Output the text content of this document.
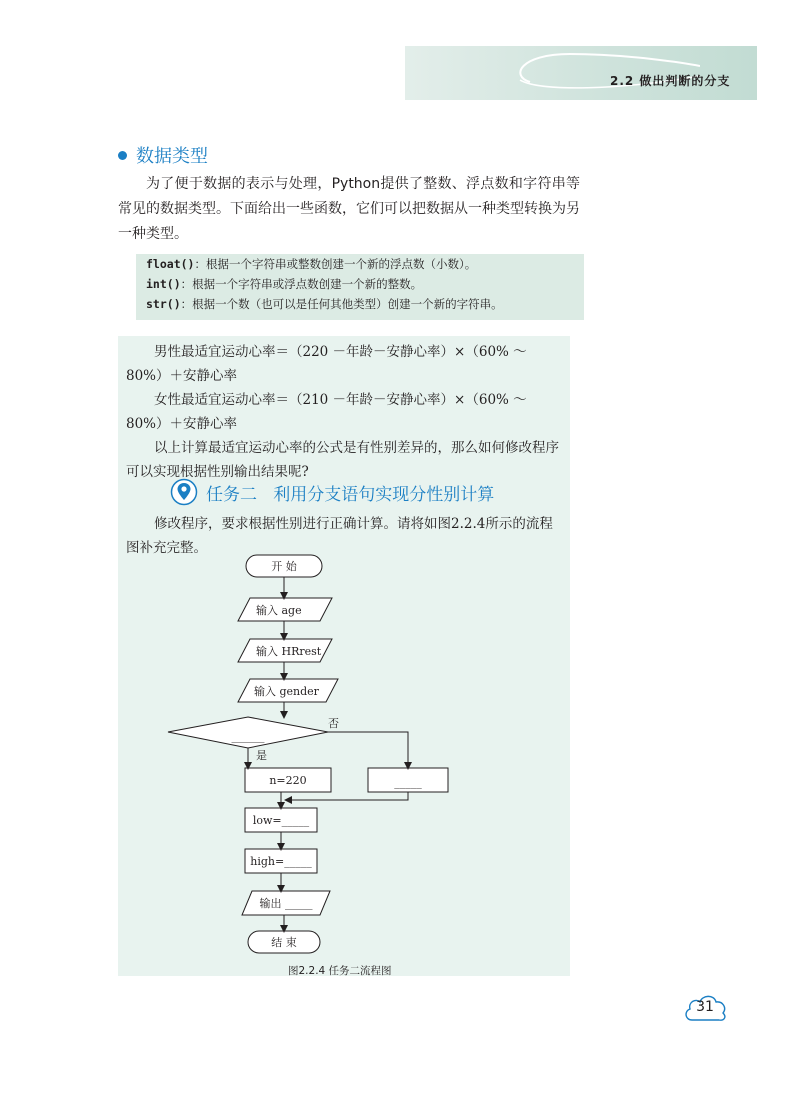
2.2 做出判断的分支
数据类型
为了便于数据的表示与处理，Python提供了整数、浮点数和字符串等常见的数据类型。下面给出一些函数，它们可以把数据从一种类型转换为另一种类型。
float()：根据一个字符串或整数创建一个新的浮点数（小数）。
int()：根据一个字符串或浮点数创建一个新的整数。
str()：根据一个数（也可以是任何其他类型）创建一个新的字符串。
男性最适宜运动心率＝（220 －年龄－安静心率）×（60% ～ 80%）＋安静心率
女性最适宜运动心率＝（210 －年龄－安静心率）×（60% ～ 80%）＋安静心率
以上计算最适宜运动心率的公式是有性别差异的，那么如何修改程序可以实现根据性别输出结果呢?
任务二   利用分支语句实现分性别计算
修改程序，要求根据性别进行正确计算。请将如图2.2.4所示的流程图补充完整。
开 始
输入 age
输入 HRrest
输入 gender
______
否
是
n=220	_____
low=_____
high=_____
输出 _____
结 束
图2.2.4 任务二流程图
31
